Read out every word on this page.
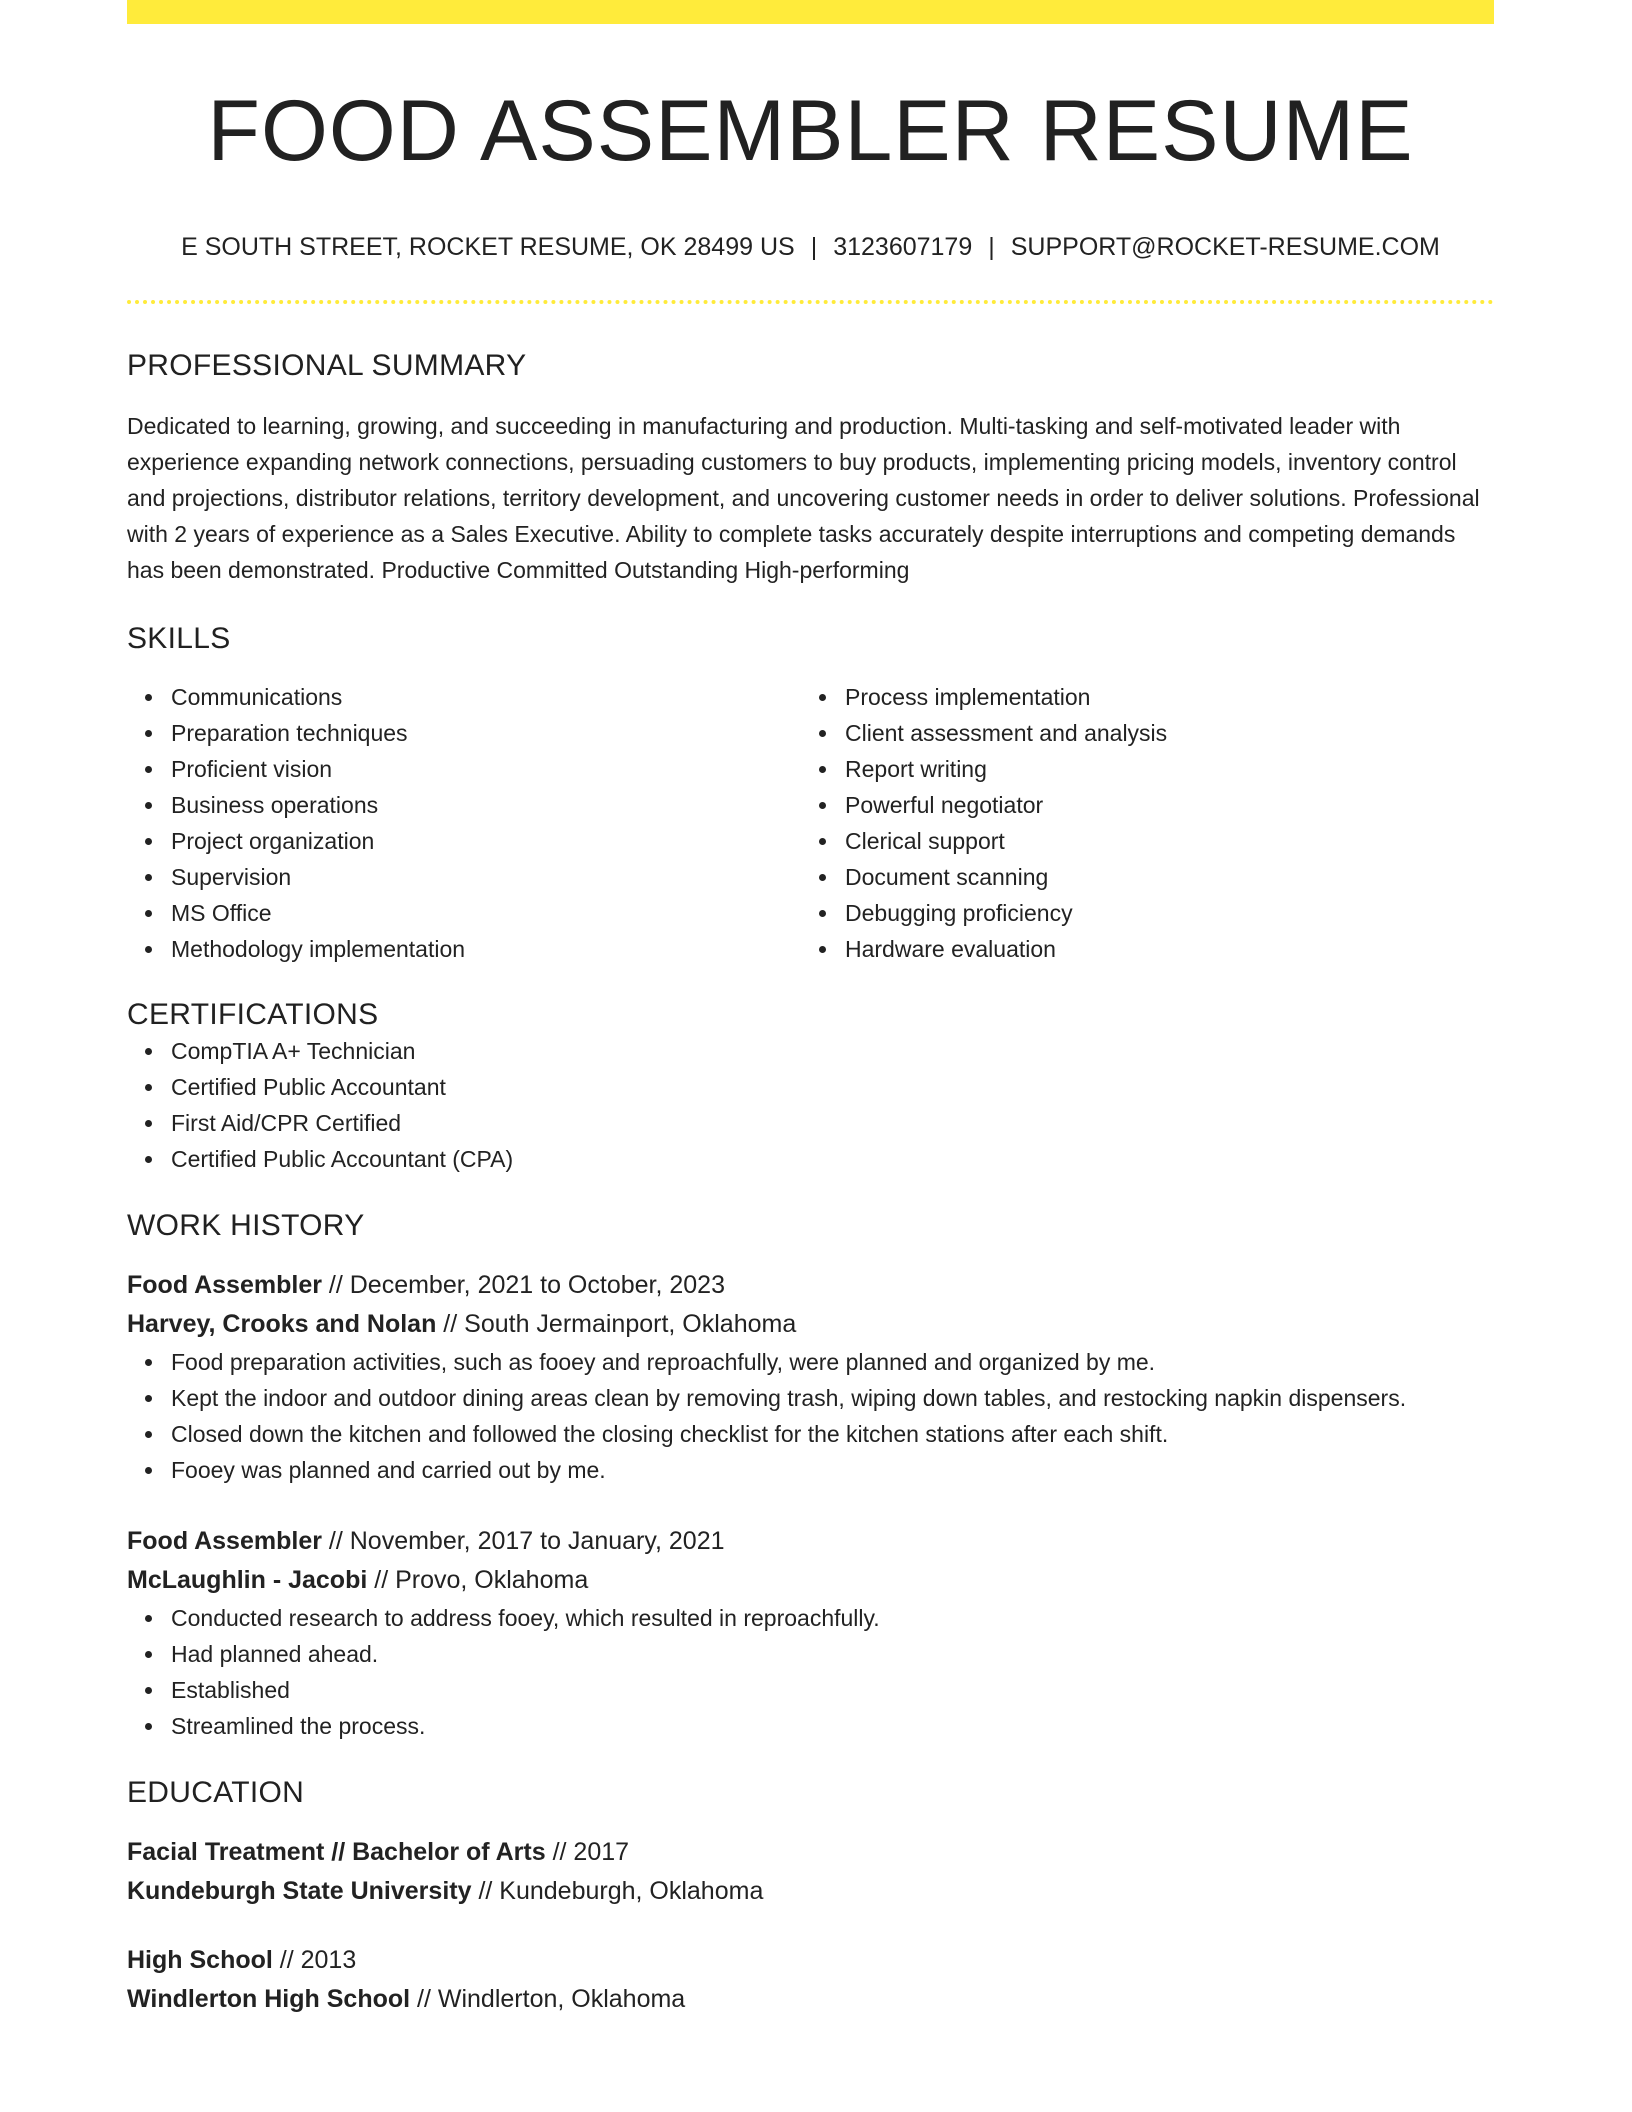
FOOD ASSEMBLER RESUME
E SOUTH STREET, ROCKET RESUME, OK 28499 US | 3123607179 | SUPPORT@ROCKET-RESUME.COM
PROFESSIONAL SUMMARY

Dedicated to learning, growing, and succeeding in manufacturing and production. Multi-tasking and self-motivated leader with experience expanding network connections, persuading customers to buy products, implementing pricing models, inventory control and projections, distributor relations, territory development, and uncovering customer needs in order to deliver solutions. Professional with 2 years of experience as a Sales Executive. Ability to complete tasks accurately despite interruptions and competing demands has been demonstrated. Productive Committed Outstanding High-performing

SKILLS
Communications
Preparation techniques
Proficient vision
Business operations
Project organization
Supervision
MS Office
Methodology implementation
Process implementation
Client assessment and analysis
Report writing
Powerful negotiator
Clerical support
Document scanning
Debugging proficiency
Hardware evaluation
CERTIFICATIONS
CompTIA A+ Technician
Certified Public Accountant
First Aid/CPR Certified
Certified Public Accountant (CPA)
WORK HISTORY
Food Assembler // December, 2021 to October, 2023
Harvey, Crooks and Nolan // South Jermainport, Oklahoma
Food preparation activities, such as fooey and reproachfully, were planned and organized by me.
Kept the indoor and outdoor dining areas clean by removing trash, wiping down tables, and restocking napkin dispensers.
Closed down the kitchen and followed the closing checklist for the kitchen stations after each shift.
Fooey was planned and carried out by me.
Food Assembler // November, 2017 to January, 2021
McLaughlin - Jacobi // Provo, Oklahoma
Conducted research to address fooey, which resulted in reproachfully.
Had planned ahead.
Established
Streamlined the process.
EDUCATION
Facial Treatment // Bachelor of Arts // 2017
Kundeburgh State University // Kundeburgh, Oklahoma
High School // 2013
Windlerton High School // Windlerton, Oklahoma
